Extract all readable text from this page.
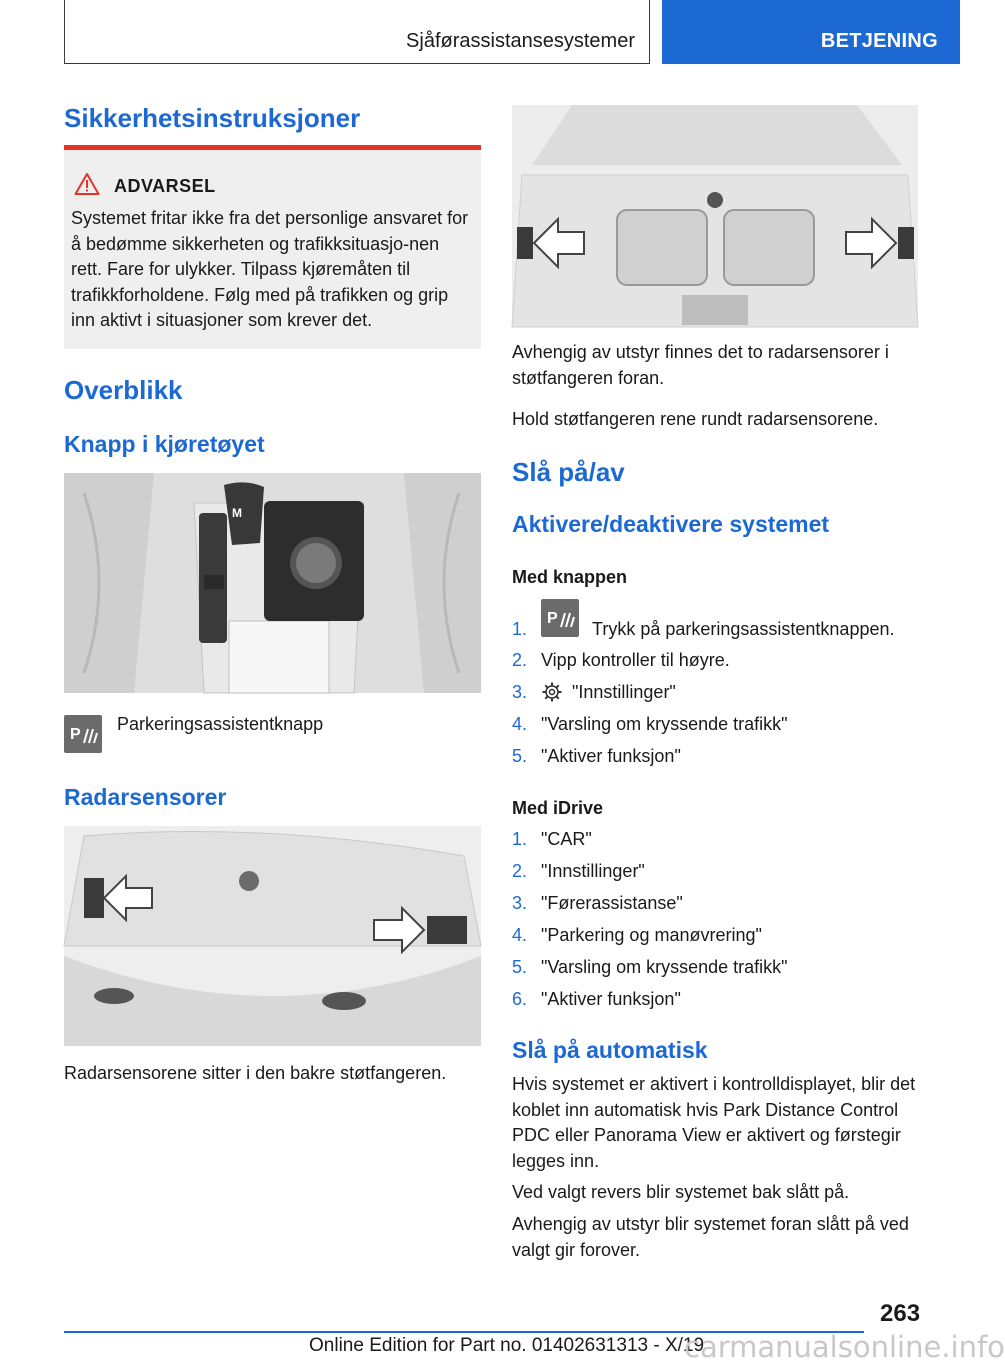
Sjåførassistansesystemer	BETJENING
Sikkerhetsinstruksjoner
ADVARSEL
Systemet fritar ikke fra det personlige ansvaret for å bedømme sikkerheten og trafikksituasjo-nen rett. Fare for ulykker. Tilpass kjøremåten til trafikkforholdene. Følg med på trafikken og grip inn aktivt i situasjoner som krever det.
Overblikk
Knapp i kjøretøyet
M
P
Parkeringsassistentknapp
Radarsensorer
Radarsensorene sitter i den bakre støtfangeren.
Avhengig av utstyr finnes det to radarsensorer i støtfangeren foran.
Hold støtfangeren rene rundt radarsensorene.
Slå på/av
Aktivere/deaktivere systemet
Med knappen
1.
P
Trykk på parkeringsassistentknappen.
2. Vipp kontroller til høyre.
3. "Innstillinger"
4. "Varsling om kryssende trafikk"
5. "Aktiver funksjon"
Med iDrive
1. "CAR"
2. "Innstillinger"
3. "Førerassistanse"
4. "Parkering og manøvrering"
5. "Varsling om kryssende trafikk"
6. "Aktiver funksjon"
Slå på automatisk
Hvis systemet er aktivert i kontrolldisplayet, blir det koblet inn automatisk hvis Park Distance Control PDC eller Panorama View er aktivert og førstegir legges inn.
Ved valgt revers blir systemet bak slått på.
Avhengig av utstyr blir systemet foran slått på ved valgt gir forover.
263
Online Edition for Part no. 01402631313 - X/19
carmanualsonline.info
